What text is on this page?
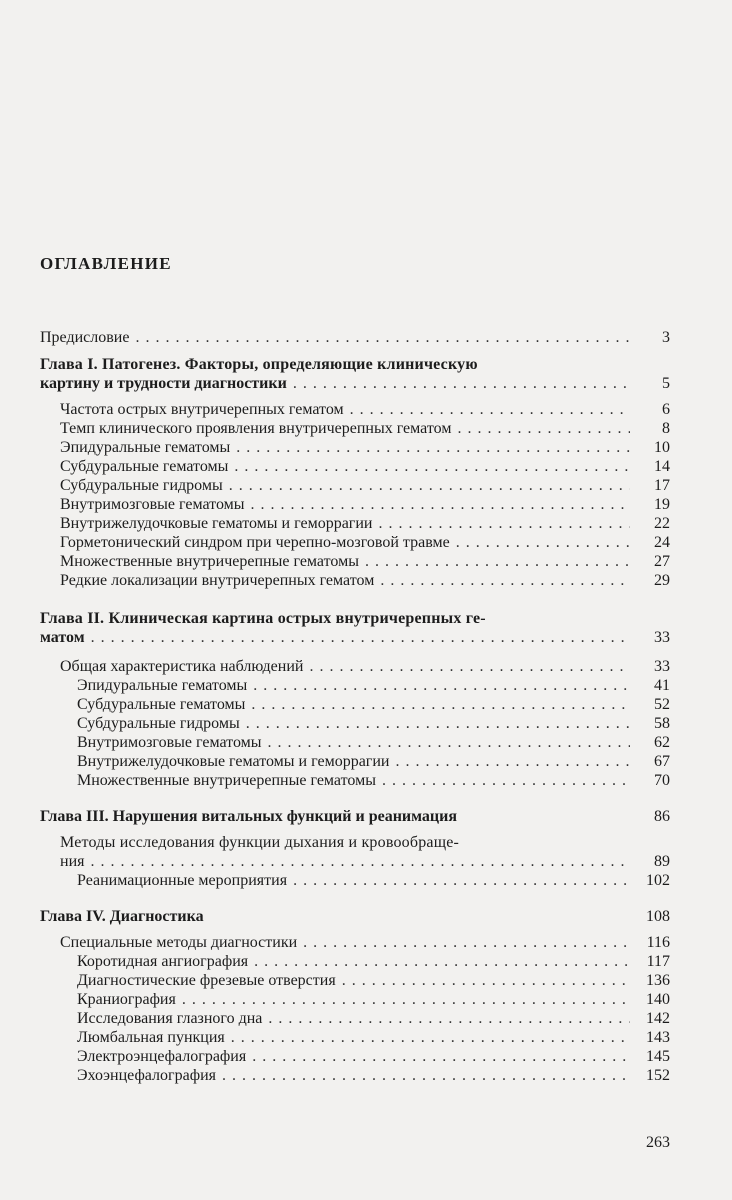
ОГЛАВЛЕНИЕ
Предисловие . . .	3
Глава I. Патогенез. Факторы, определяющие клиническую
картину и трудности диагностики . . .	5
Частота острых внутричерепных гематом . . .	6
Темп клинического проявления внутричерепных гематом . . .	8
Эпидуральные гематомы . . .	10
Субдуральные гематомы . . .	14
Субдуральные гидромы . . .	17
Внутримозговые гематомы . . .	19
Внутрижелудочковые гематомы и геморрагии . . .	22
Горметонический синдром при черепно-мозговой травме . . .	24
Множественные внутричерепные гематомы . . .	27
Редкие локализации внутричерепных гематом . . .	29
Глава II. Клиническая картина острых внутричерепных ге-
матом . . .	33
Общая характеристика наблюдений . . .	33
Эпидуральные гематомы . . .	41
Субдуральные гематомы . . .	52
Субдуральные гидромы . . .	58
Внутримозговые гематомы . . .	62
Внутрижелудочковые гематомы и геморрагии . . .	67
Множественные внутричерепные гематомы . . .	70
Глава III. Нарушения витальных функций и реанимация	86
Методы исследования функции дыхания и кровообраще-
ния . . .	89
Реанимационные мероприятия . . .	102
Глава IV. Диагностика	108
Специальные методы диагностики . . .	116
Коротидная ангиография . . .	117
Диагностические фрезевые отверстия . . .	136
Краниография . . .	140
Исследования глазного дна . . .	142
Люмбальная пункция . . .	143
Электроэнцефалография . . .	145
Эхоэнцефалография . . .	152
263
